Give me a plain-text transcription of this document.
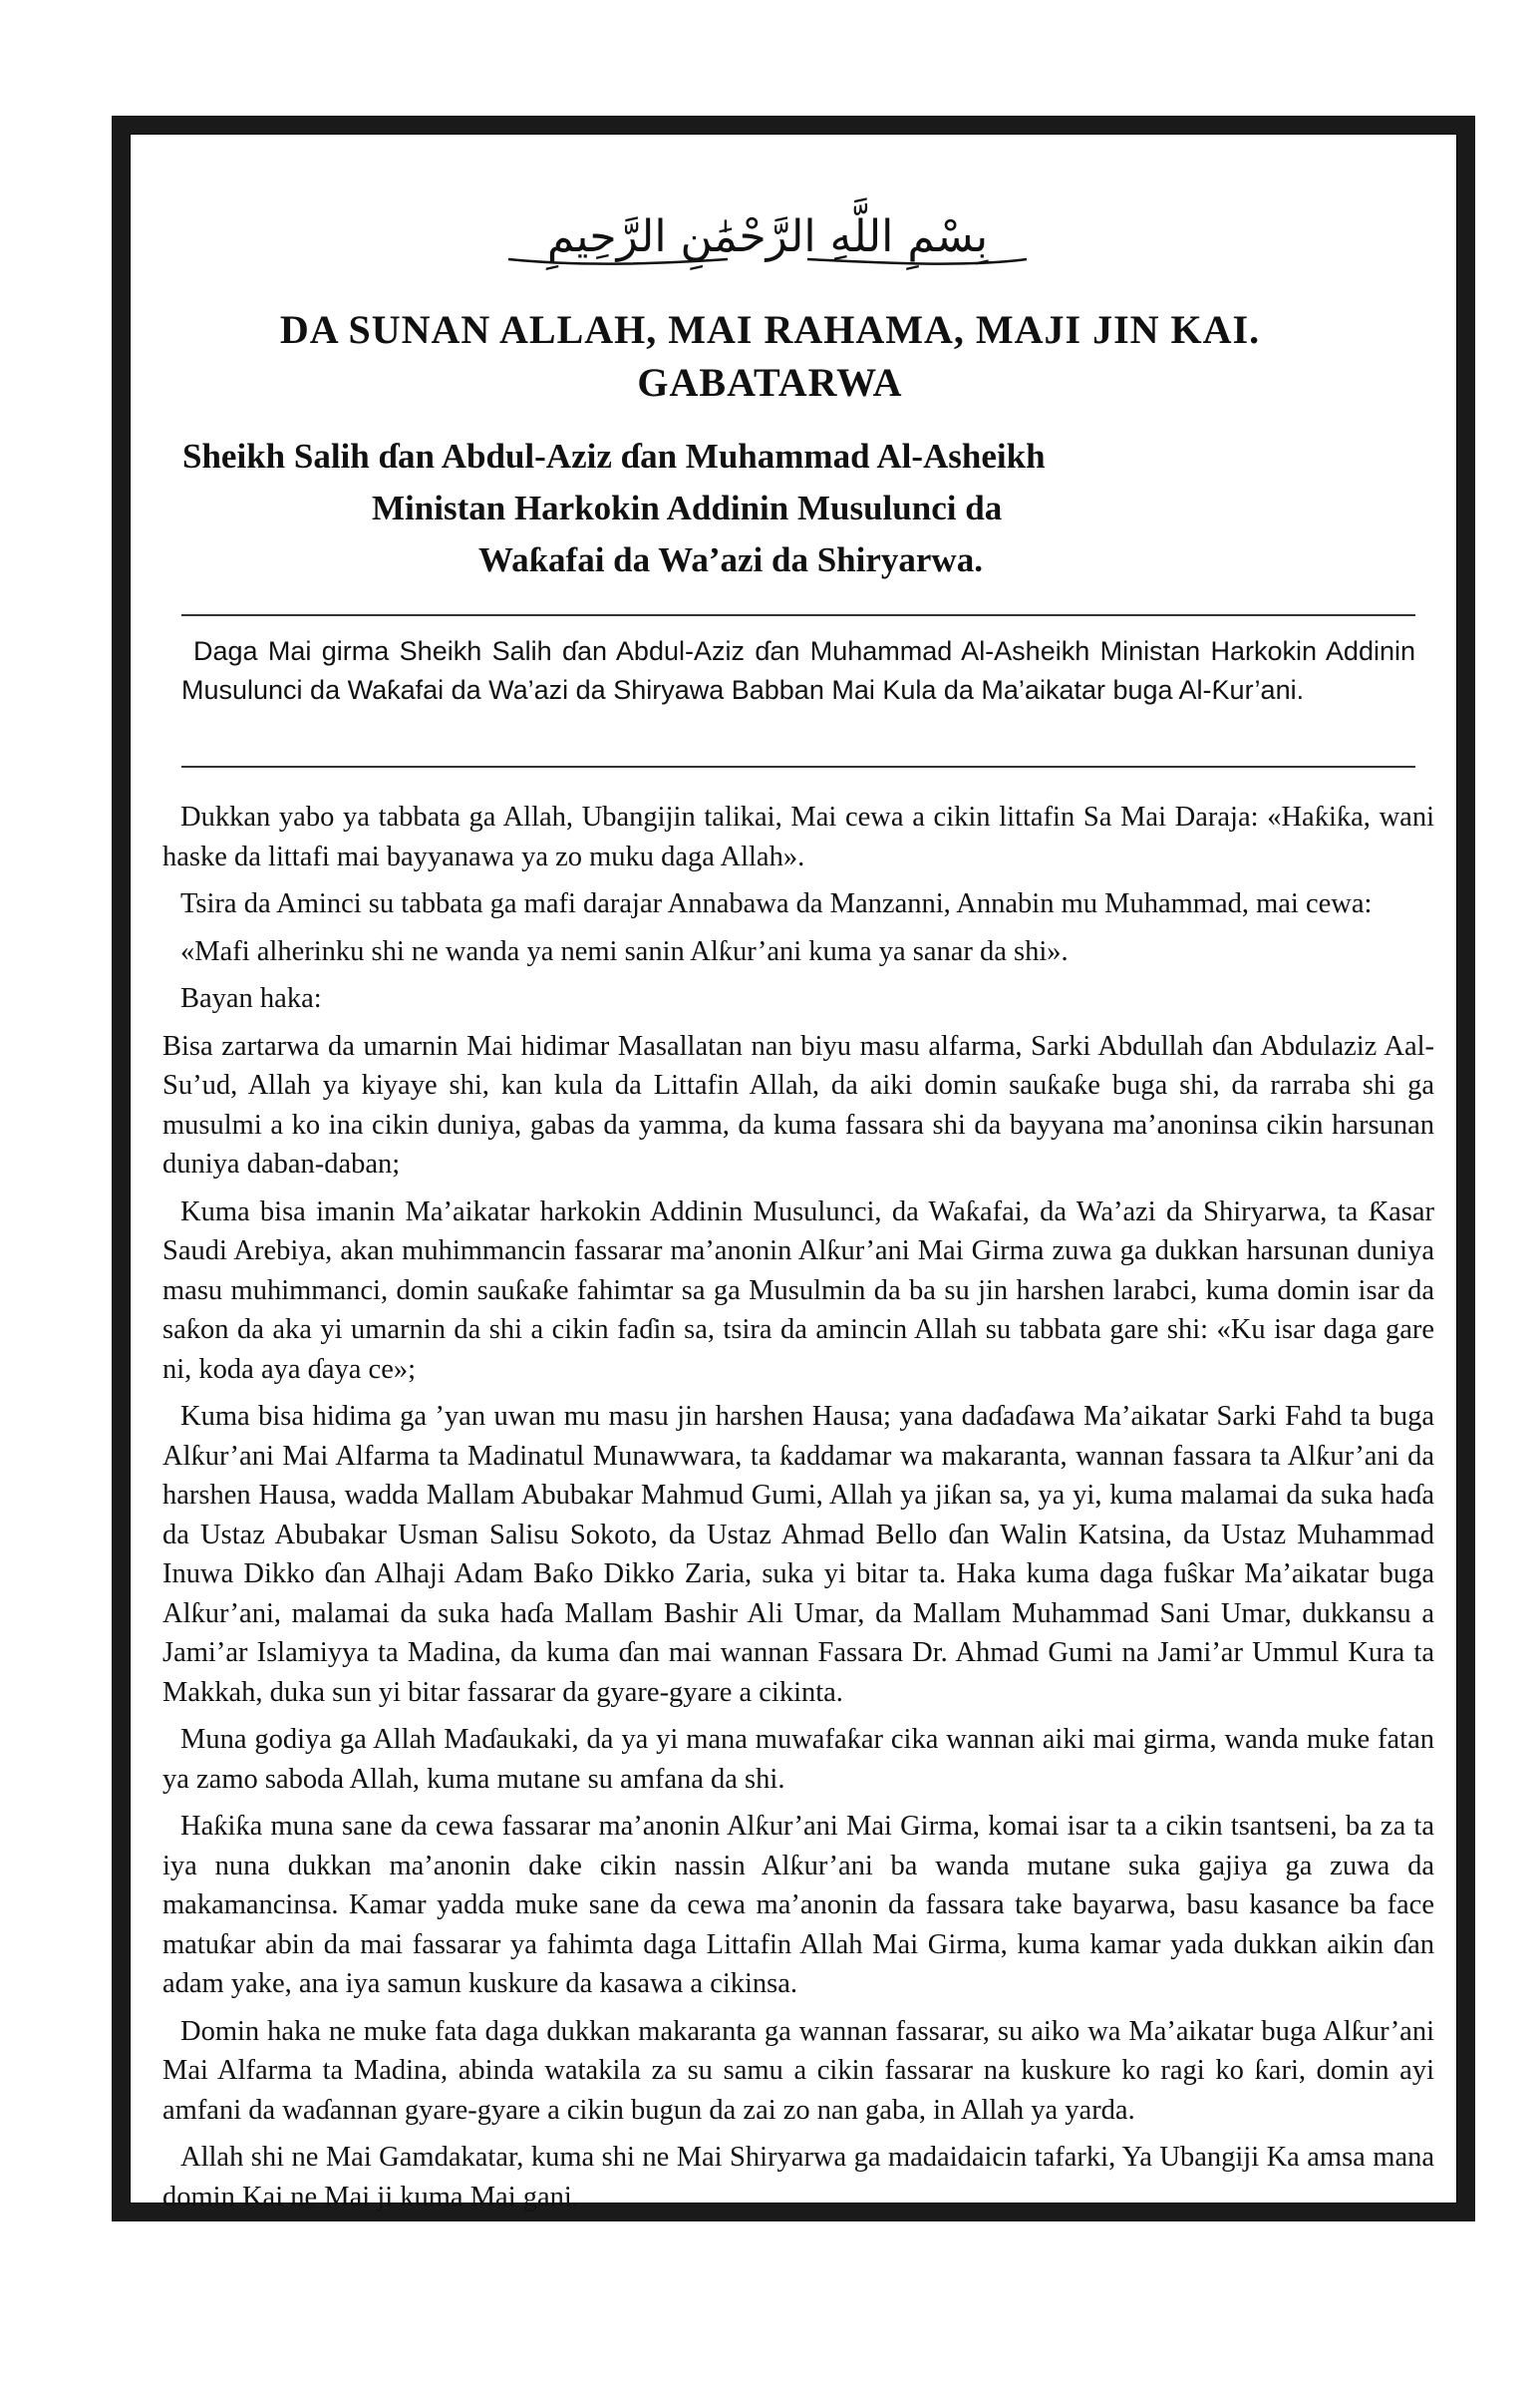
بِسْمِ اللَّهِ الرَّحْمَٰنِ الرَّحِيمِ
DA SUNAN ALLAH, MAI RAHAMA, MAJI JIN KAI.
GABATARWA
Sheikh Salih ɗan Abdul-Aziz ɗan Muhammad Al-Asheikh
Ministan Harkokin Addinin Musulunci da
Waƙafai da Wa’azi da Shiryarwa.
Daga Mai girma Sheikh Salih ɗan Abdul-Aziz ɗan Muhammad Al-Asheikh Ministan Harkokin Addinin Musulunci da Waƙafai da Wa’azi da Shiryawa Babban Mai Kula da Ma’aikatar buga Al-Ƙur’ani.

Dukkan yabo ya tabbata ga Allah, Ubangijin talikai, Mai cewa a cikin littafin Sa Mai Daraja: «Haƙiƙa, wani haske da littafi mai bayyanawa ya zo muku daga Allah».

Tsira da Aminci su tabbata ga mafi darajar Annabawa da Manzanni, Annabin mu Muhammad, mai cewa:

«Mafi alherinku shi ne wanda ya nemi sanin Alƙur’ani kuma ya sanar da shi».

Bayan haka:

Bisa zartarwa da umarnin Mai hidimar Masallatan nan biyu masu alfarma, Sarki Abdullah ɗan Abdulaziz Aal-Su’ud, Allah ya kiyaye shi, kan kula da Littafin Allah, da aiki domin sauƙaƙe buga shi, da rarraba shi ga musulmi a ko ina cikin duniya, gabas da yamma, da kuma fassara shi da bayyana ma’anoninsa cikin harsunan duniya daban-daban;

Kuma bisa imanin Ma’aikatar harkokin Addinin Musulunci, da Waƙafai, da Wa’azi da Shiryarwa, ta Ƙasar Saudi Arebiya, akan muhimmancin fassarar ma’anonin Alƙur’ani Mai Girma zuwa ga dukkan harsunan duniya masu muhimmanci, domin sauƙaƙe fahimtar sa ga Musulmin da ba su jin harshen larabci, kuma domin isar da saƙon da aka yi umarnin da shi a cikin faɗin sa, tsira da amincin Allah su tabbata gare shi: «Ku isar daga gare ni, koda aya ɗaya ce»;

Kuma bisa hidima ga ’yan uwan mu masu jin harshen Hausa; yana daɗaɗawa Ma’aikatar Sarki Fahd ta buga Alƙur’ani Mai Alfarma ta Madinatul Munawwara, ta ƙaddamar wa makaranta, wannan fassara ta Alƙur’ani da harshen Hausa, wadda Mallam Abubakar Mahmud Gumi, Allah ya jiƙan sa, ya yi, kuma malamai da suka haɗa da Ustaz Abubakar Usman Salisu Sokoto, da Ustaz Ahmad Bello ɗan Walin Katsina, da Ustaz Muhammad Inuwa Dikko ɗan Alhaji Adam Baƙo Dikko Zaria, suka yi bitar ta. Haka kuma daga fuŝkar Ma’aikatar buga Alƙur’ani, malamai da suka haɗa Mallam Bashir Ali Umar, da Mallam Muhammad Sani Umar, dukkansu a Jami’ar Islamiyya ta Madina, da kuma ɗan mai wannan Fassara Dr. Ahmad Gumi na Jami’ar Ummul Kura ta Makkah, duka sun yi bitar fassarar da gyare-gyare a cikinta.

Muna godiya ga Allah Maɗaukaki, da ya yi mana muwafaƙar cika wannan aiki mai girma, wanda muke fatan ya zamo saboda Allah, kuma mutane su amfana da shi.

Haƙiƙa muna sane da cewa fassarar ma’anonin Alƙur’ani Mai Girma, komai isar ta a cikin tsantseni, ba za ta iya nuna dukkan ma’anonin dake cikin nassin Alƙur’ani ba wanda mutane suka gajiya ga zuwa da makamancinsa. Kamar yadda muke sane da cewa ma’anonin da fassara take bayarwa, basu kasance ba face matuƙar abin da mai fassarar ya fahimta daga Littafin Allah Mai Girma, kuma kamar yada dukkan aikin ɗan adam yake, ana iya samun kuskure da kasawa a cikinsa.

Domin haka ne muke fata daga dukkan makaranta ga wannan fassarar, su aiko wa Ma’aikatar buga Alƙur’ani Mai Alfarma ta Madina, abinda watakila za su samu a cikin fassarar na kuskure ko ragi ko ƙari, domin ayi amfani da waɗannan gyare-gyare a cikin bugun da zai zo nan gaba, in Allah ya yarda.

Allah shi ne Mai Gamdakatar, kuma shi ne Mai Shiryarwa ga madaidaicin tafarki, Ya Ubangiji Ka amsa mana domin Kai ne Mai ji kuma Mai gani.
